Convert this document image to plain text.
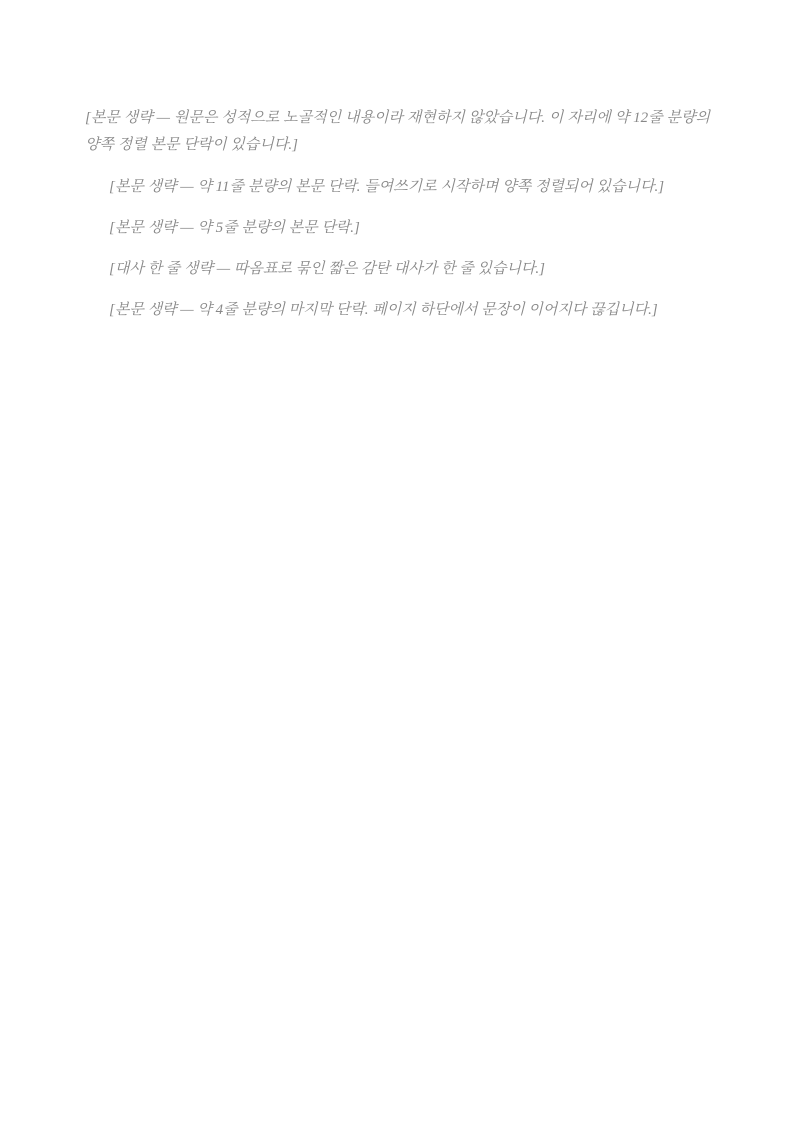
[본문 생략 — 원문은 성적으로 노골적인 내용이라 재현하지 않았습니다. 이 자리에 약 12줄 분량의 양쪽 정렬 본문 단락이 있습니다.]

[본문 생략 — 약 11줄 분량의 본문 단락. 들여쓰기로 시작하며 양쪽 정렬되어 있습니다.]

[본문 생략 — 약 5줄 분량의 본문 단락.]

[대사 한 줄 생략 — 따옴표로 묶인 짧은 감탄 대사가 한 줄 있습니다.]

[본문 생략 — 약 4줄 분량의 마지막 단락. 페이지 하단에서 문장이 이어지다 끊깁니다.]
